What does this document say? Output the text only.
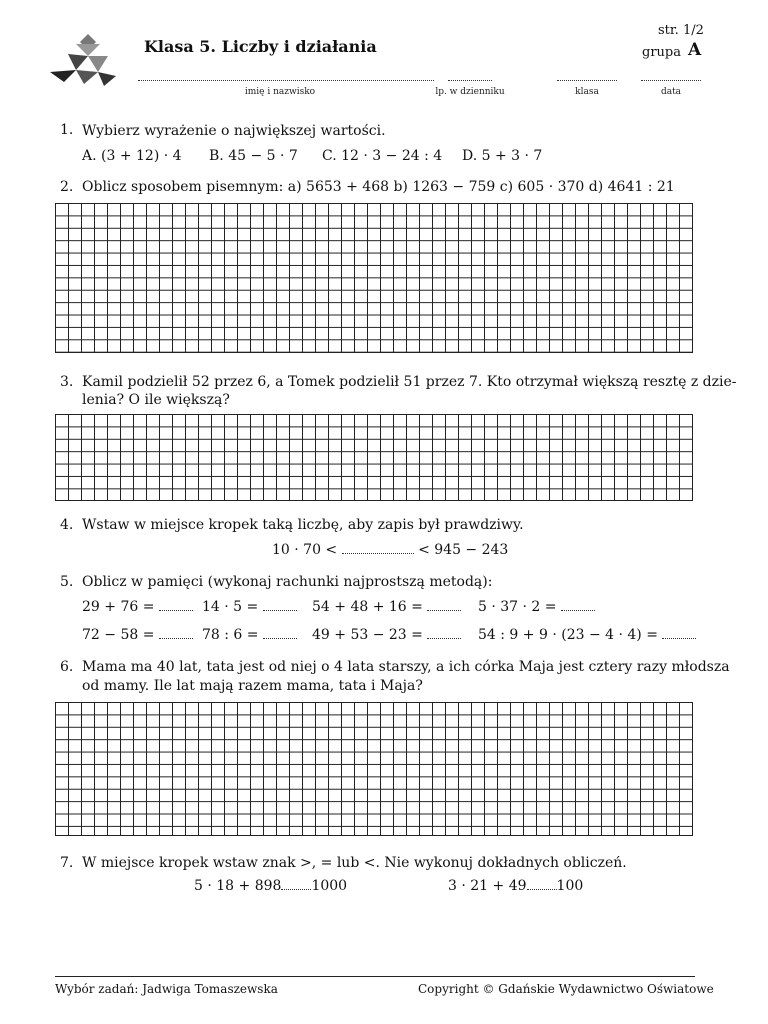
Klasa 5. Liczby i działania
str. 1/2
grupa A
imię i nazwisko	lp. w dzienniku	klasa	data
1. Wybierz wyrażenie o największej wartości.
A. (3 + 12) · 4 B. 45 − 5 · 7 C. 12 · 3 − 24 : 4 D. 5 + 3 · 7
2. Oblicz sposobem pisemnym: a) 5653 + 468 b) 1263 − 759 c) 605 · 370 d) 4641 : 21
3. Kamil podzielił 52 przez 6, a Tomek podzielił 51 przez 7. Kto otrzymał większą resztę z dzie-
lenia? O ile większą?
4. Wstaw w miejsce kropek taką liczbę, aby zapis był prawdziwy.
10 · 70 <	< 945 − 243
5. Oblicz w pamięci (wykonaj rachunki najprostszą metodą):
29 + 76 =	14 · 5 =	54 + 48 + 16 =	5 · 37 · 2 =
72 − 58 =	78 : 6 =	49 + 53 − 23 =	54 : 9 + 9 · (23 − 4 · 4) =
6. Mama ma 40 lat, tata jest od niej o 4 lata starszy, a ich córka Maja jest cztery razy młodsza
od mamy. Ile lat mają razem mama, tata i Maja?
7. W miejsce kropek wstaw znak >, = lub <. Nie wykonuj dokładnych obliczeń.
5 · 18 + 898 1000	3 · 21 + 49 100
Wybór zadań: Jadwiga Tomaszewska	Copyright © Gdańskie Wydawnictwo Oświatowe
